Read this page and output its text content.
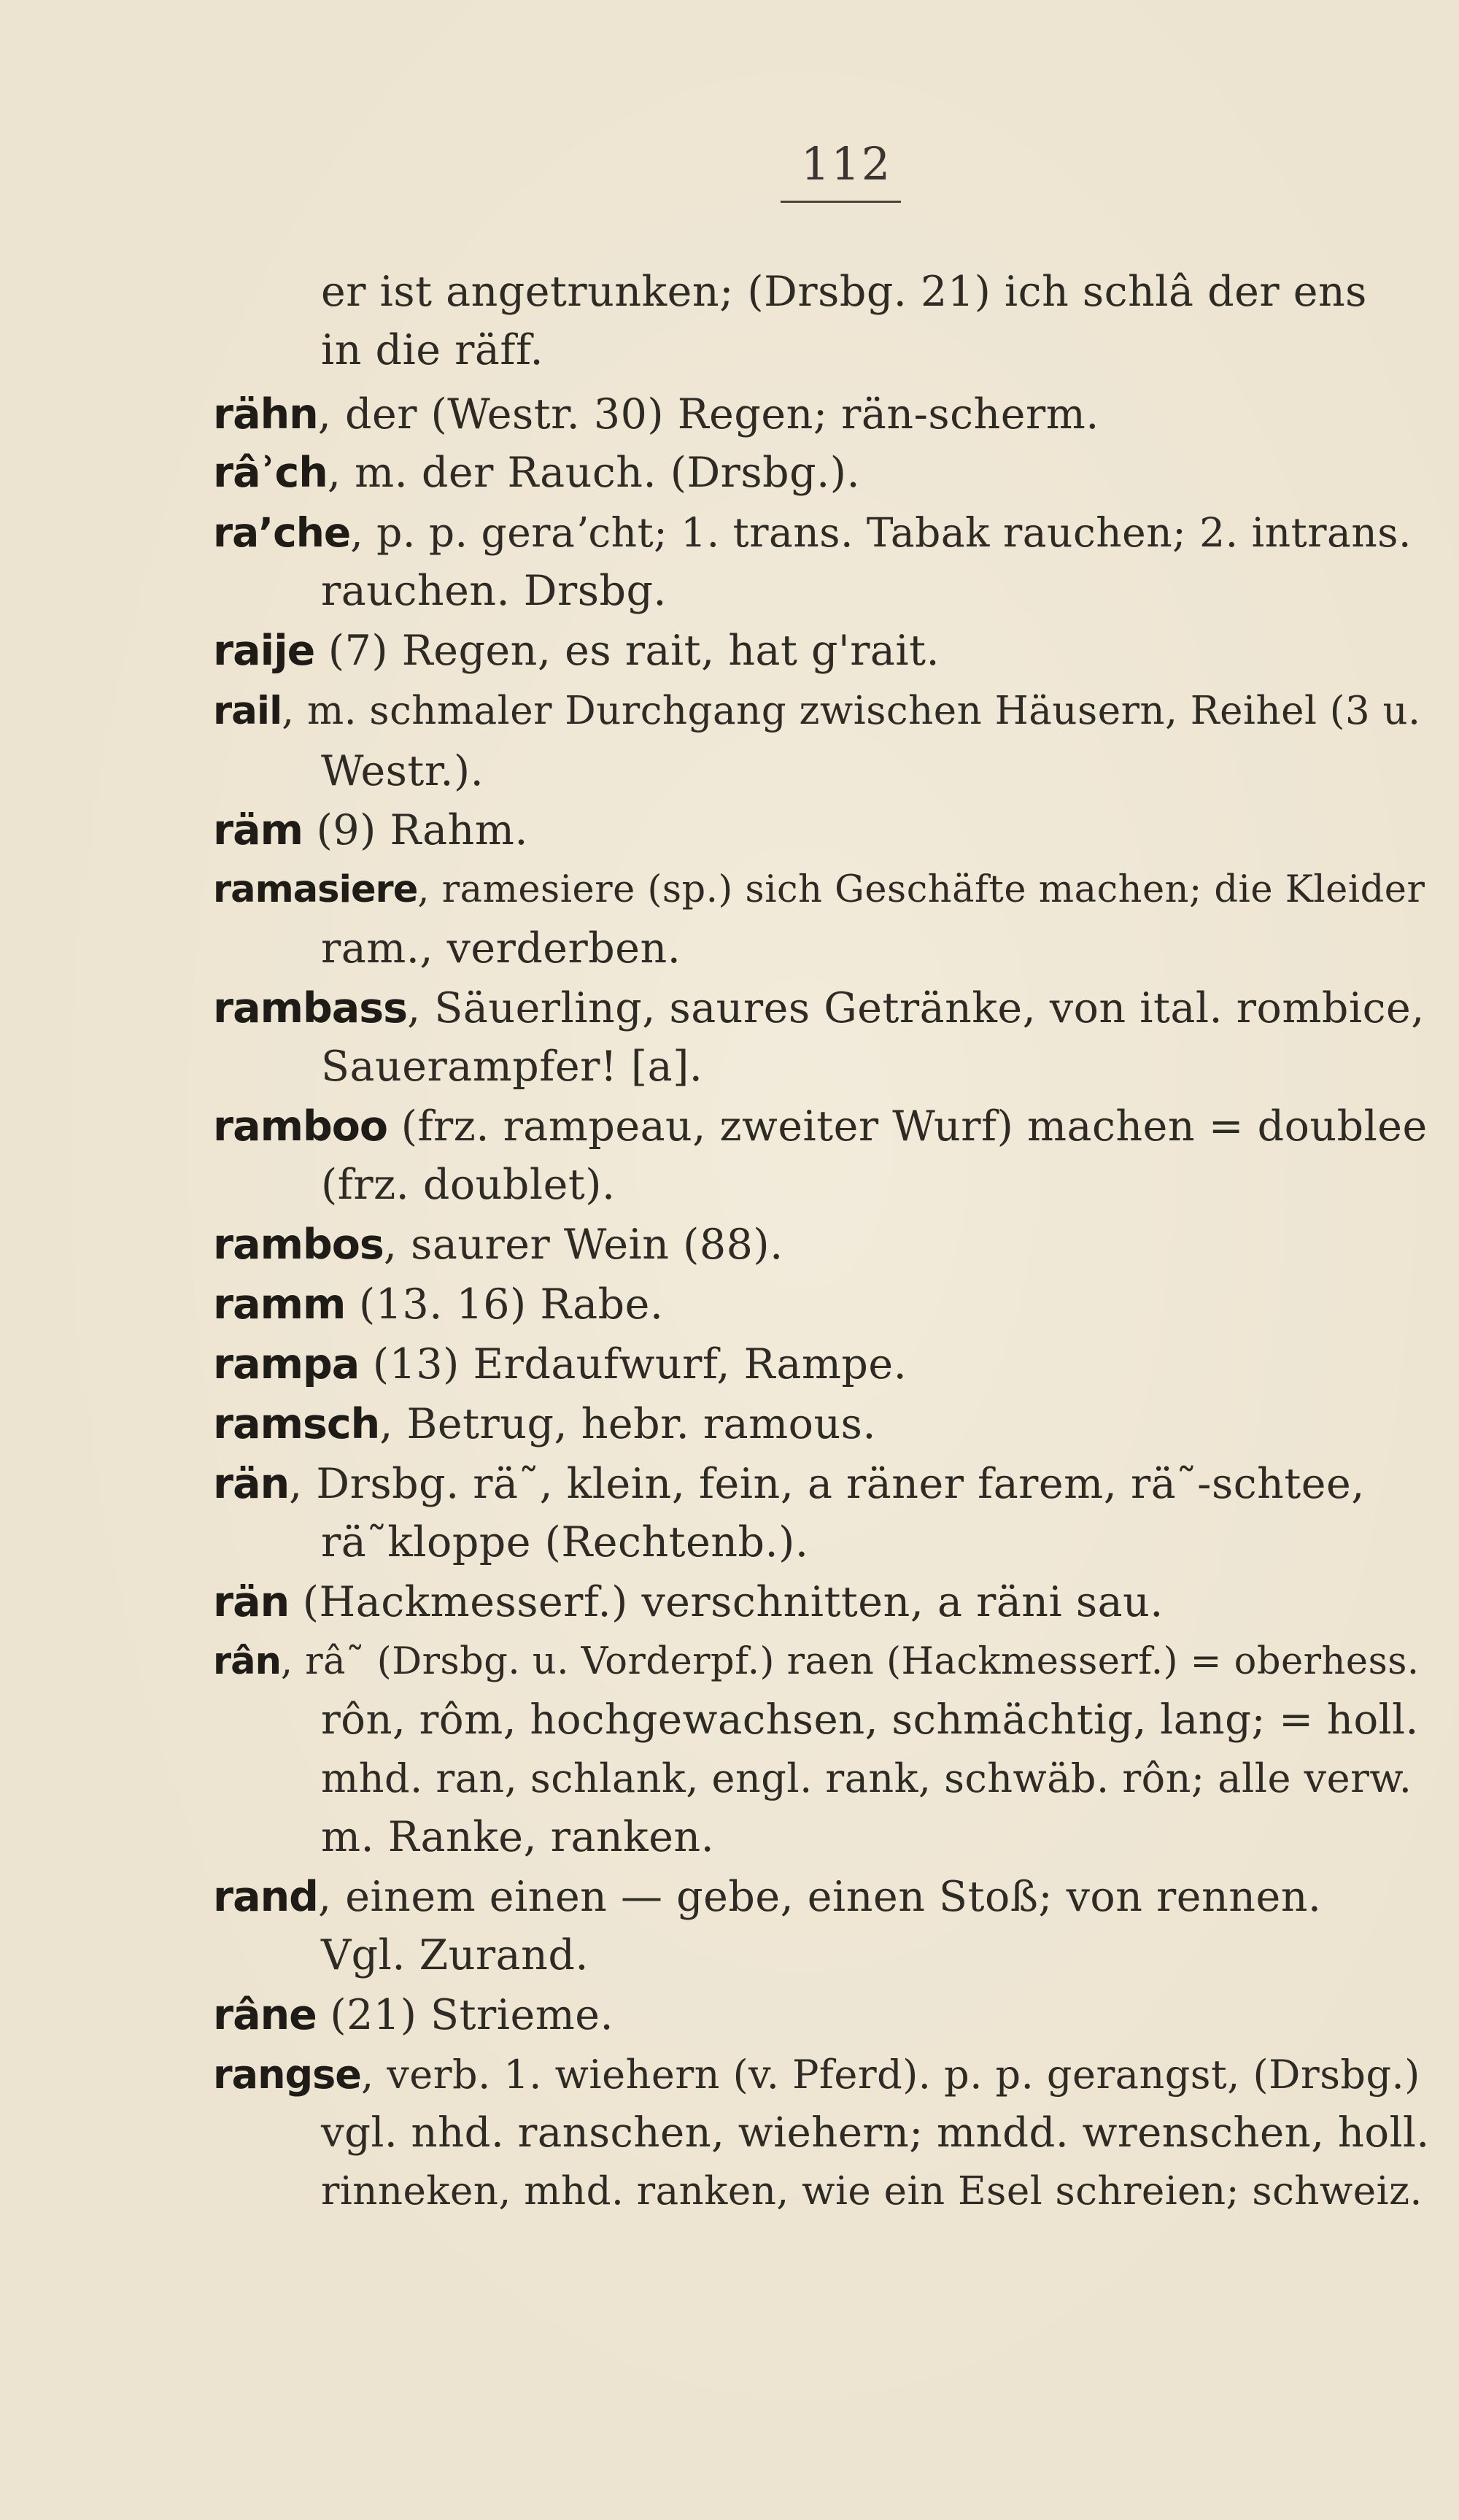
112
er ist angetrunken; (Drsbg. 21) ich schlâ der ens
in die räff.
rähn, der (Westr. 30) Regen; rän-scherm.
râʾch, m. der Rauch. (Drsbg.).
raʼche, p. p. geraʼcht; 1. trans. Tabak rauchen; 2. intrans.
rauchen. Drsbg.
raije (7) Regen, es rait, hat g'rait.
rail, m. schmaler Durchgang zwischen Häusern, Reihel (3 u.
Westr.).
räm (9) Rahm.
ramasiere, ramesiere (sp.) sich Geschäfte machen; die Kleider
ram., verderben.
rambass, Säuerling, saures Getränke, von ital. rombice,
Sauerampfer! [a].
ramboo (frz. rampeau, zweiter Wurf) machen = doublee
(frz. doublet).
rambos, saurer Wein (88).
ramm (13. 16) Rabe.
rampa (13) Erdaufwurf, Rampe.
ramsch, Betrug, hebr. ramous.
rän, Drsbg. rä˜, klein, fein, a räner farem, rä˜-schtee,
rä˜kloppe (Rechtenb.).
rän (Hackmesserf.) verschnitten, a räni sau.
rân, râ˜ (Drsbg. u. Vorderpf.) raen (Hackmesserf.) = oberhess.
rôn, rôm, hochgewachsen, schmächtig, lang; = holl.
mhd. ran, schlank, engl. rank, schwäb. rôn; alle verw.
m. Ranke, ranken.
rand, einem einen — gebe, einen Stoß; von rennen.
Vgl. Zurand.
râne (21) Strieme.
rangse, verb. 1. wiehern (v. Pferd). p. p. gerangst, (Drsbg.)
vgl. nhd. ranschen, wiehern; mndd. wrenschen, holl.
rinneken, mhd. ranken, wie ein Esel schreien; schweiz.
